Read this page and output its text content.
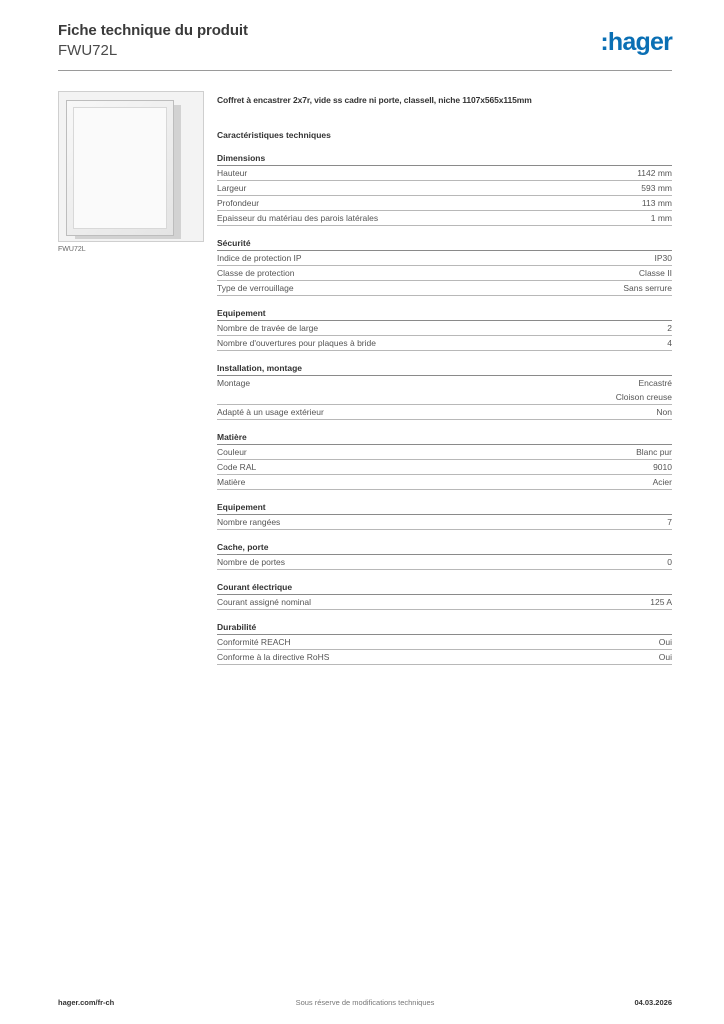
Fiche technique du produit
FWU72L	:hager
FWU72L
Coffret à encastrer 2x7r, vide ss cadre ni porte, classeII, niche 1107x565x115mm
Caractéristiques techniques
Dimensions
Hauteur	1142 mm
Largeur	593 mm
Profondeur	113 mm
Epaisseur du matériau des parois latérales	1 mm
Sécurité
Indice de protection IP	IP30
Classe de protection	Classe II
Type de verrouillage	Sans serrure
Equipement
Nombre de travée de large	2
Nombre d'ouvertures pour plaques à bride	4
Installation, montage
Montage	Encastré
Cloison creuse
Adapté à un usage extérieur	Non
Matière
Couleur	Blanc pur
Code RAL	9010
Matière	Acier
Equipement
Nombre rangées	7
Cache, porte
Nombre de portes	0
Courant électrique
Courant assigné nominal	125 A
Durabilité
Conformité REACH	Oui
Conforme à la directive RoHS	Oui
hager.com/fr-ch	Sous réserve de modifications techniques	04.03.2026
